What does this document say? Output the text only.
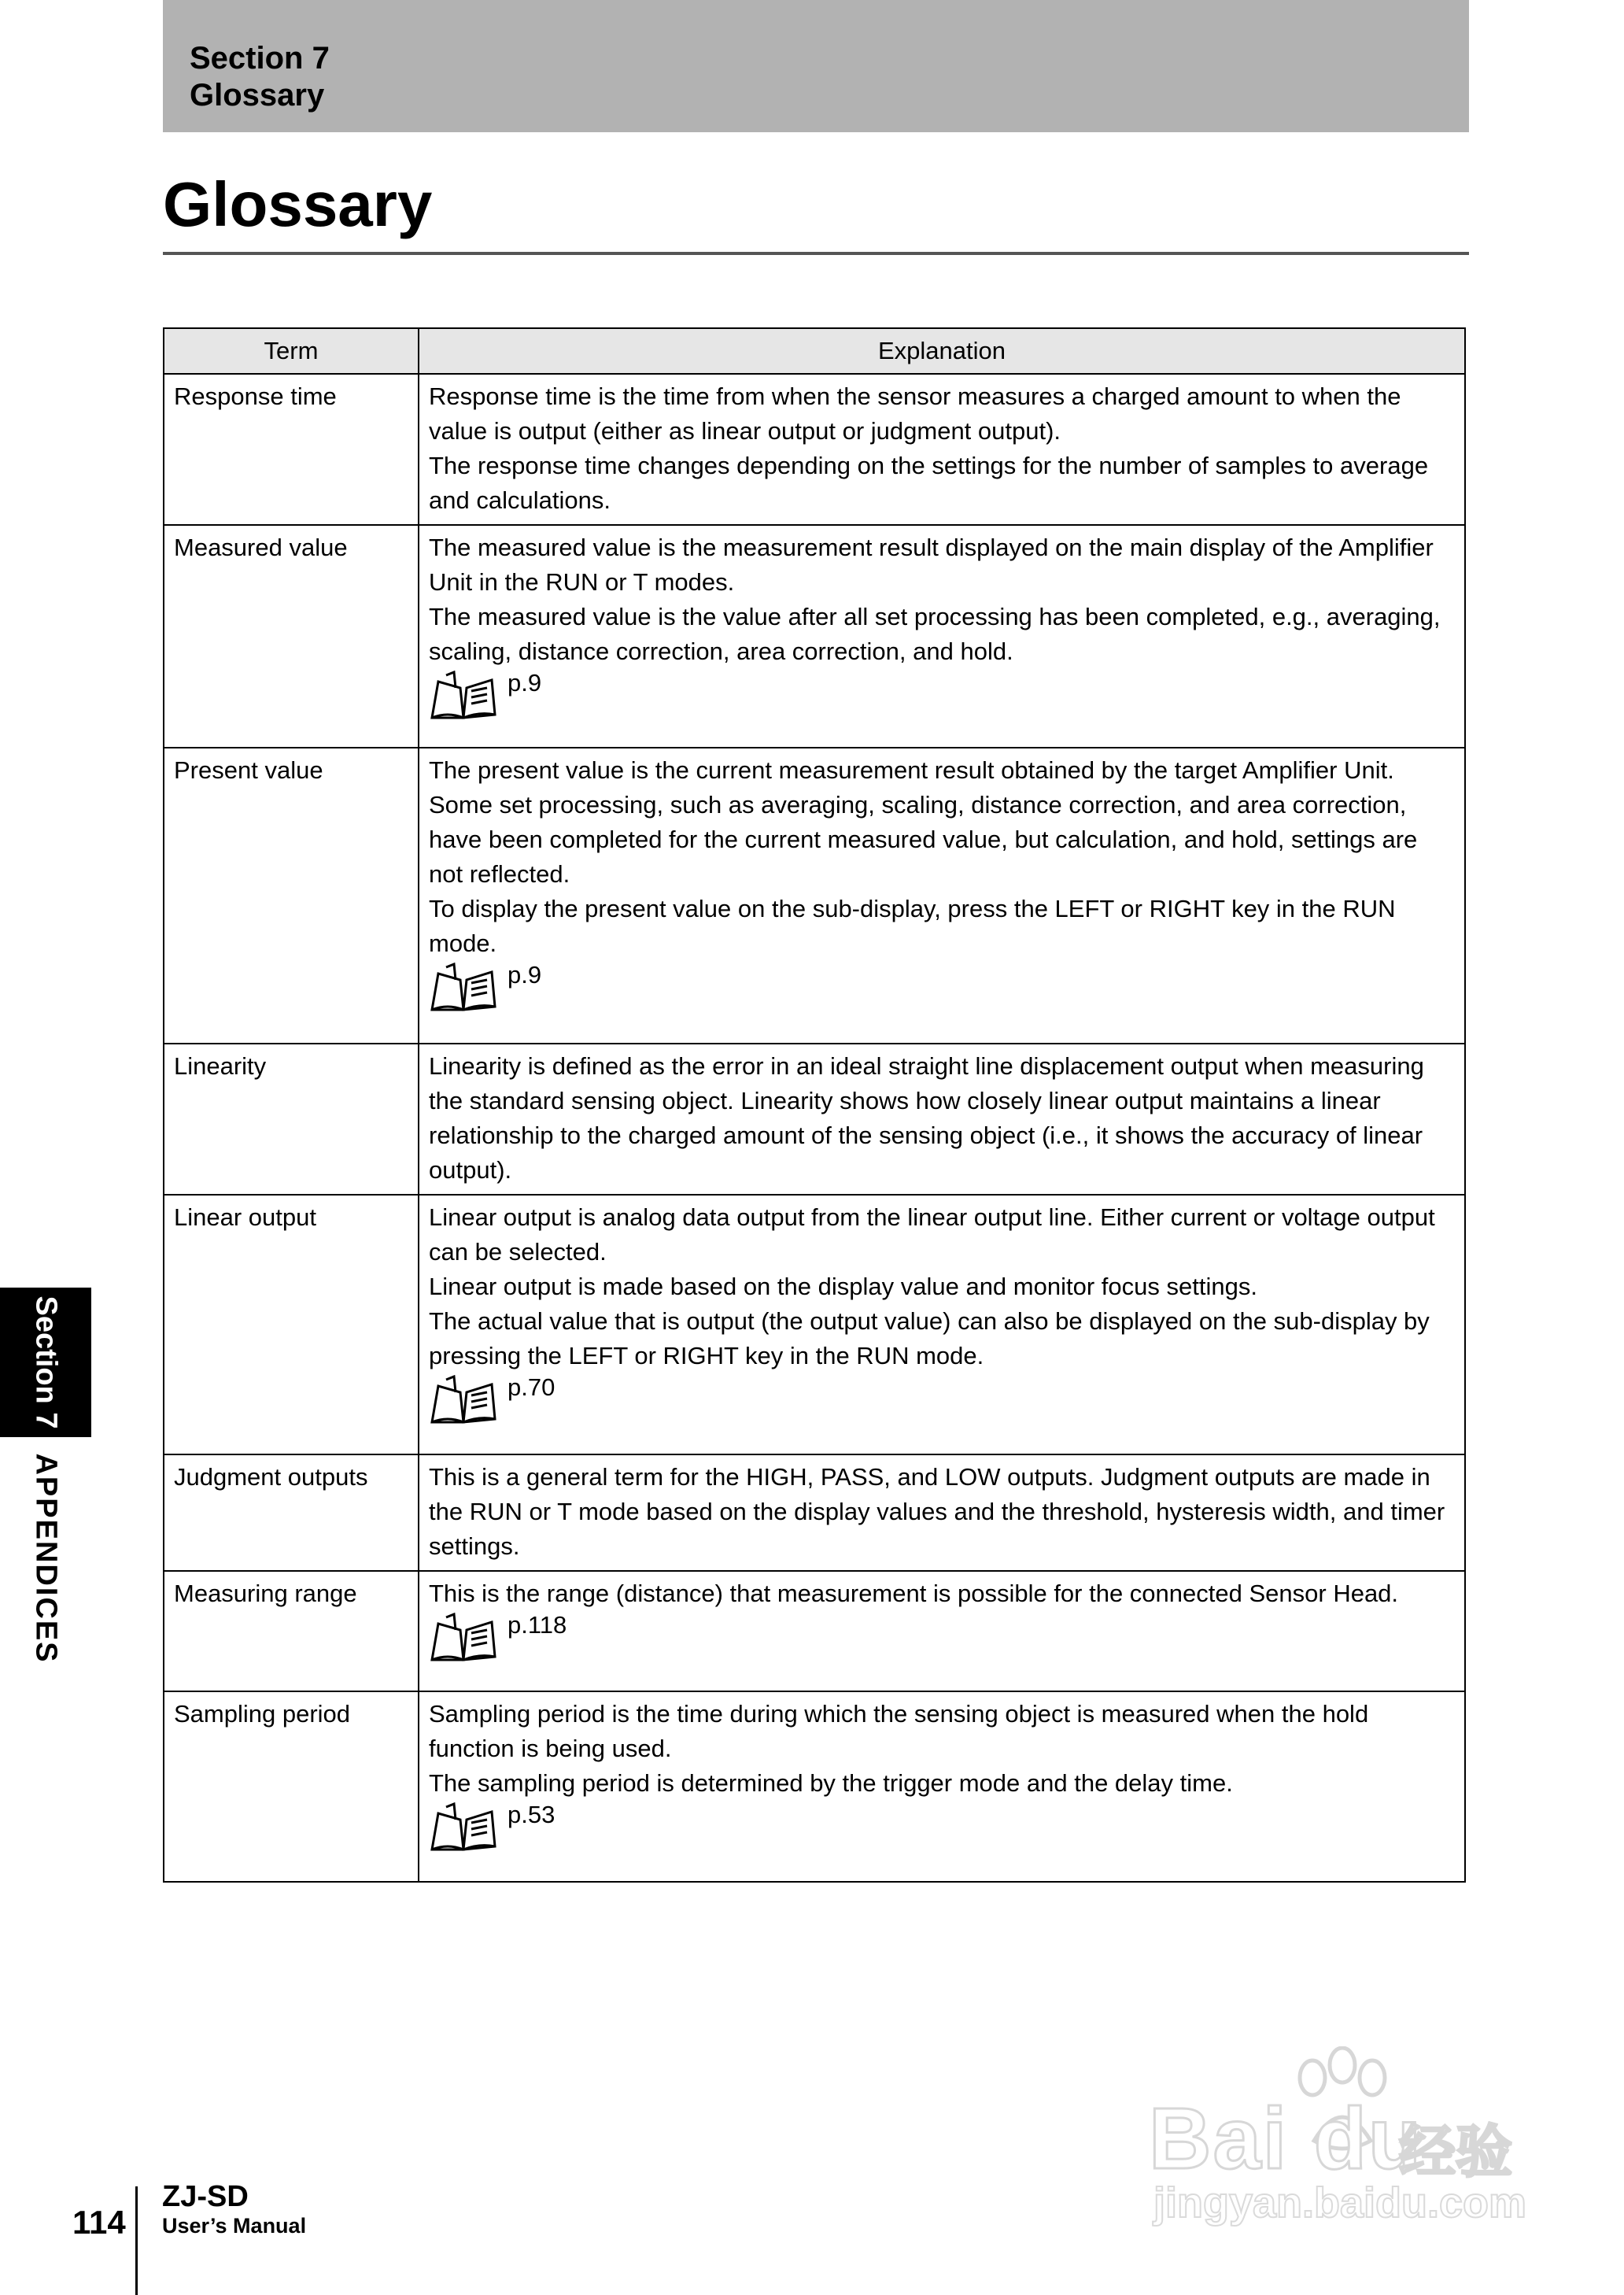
Section 7
Glossary
Glossary
Term	Explanation
Response time	Response time is the time from when the sensor measures a charged amount to when the value is output (either as linear output or judgment output).

The response time changes depending on the settings for the number of samples to average and calculations.

Measured value	The measured value is the measurement result displayed on the main display of the Amplifier Unit in the RUN or T modes.

The measured value is the value after all set processing has been completed, e.g., averaging, scaling, distance correction, area correction, and hold.

p.9

Present value	The present value is the current measurement result obtained by the target Amplifier Unit.

Some set processing, such as averaging, scaling, distance correction, and area correction, have been completed for the current measured value, but calculation, and hold, settings are not reflected.

To display the present value on the sub-display, press the LEFT or RIGHT key in the RUN mode.

p.9

Linearity	Linearity is defined as the error in an ideal straight line displacement output when measuring the standard sensing object. Linearity shows how closely linear output maintains a linear relationship to the charged amount of the sensing object (i.e., it shows the accuracy of linear output).

Linear output	Linear output is analog data output from the linear output line. Either current or voltage output can be selected.

Linear output is made based on the display value and monitor focus settings.

The actual value that is output (the output value) can also be displayed on the sub-display by pressing the LEFT or RIGHT key in the RUN mode.

p.70

Judgment outputs	This is a general term for the HIGH, PASS, and LOW outputs. Judgment outputs are made in the RUN or T mode based on the display values and the threshold, hysteresis width, and timer settings.

Measuring range	This is the range (distance) that measurement is possible for the connected Sensor Head.

p.118

Sampling period	Sampling period is the time during which the sensing object is measured when the hold function is being used.

The sampling period is determined by the trigger mode and the delay time.

p.53
Section 7
APPENDICES
114
ZJ-SD
User’s Manual
Bai du
经验
jingyan.baidu.com
